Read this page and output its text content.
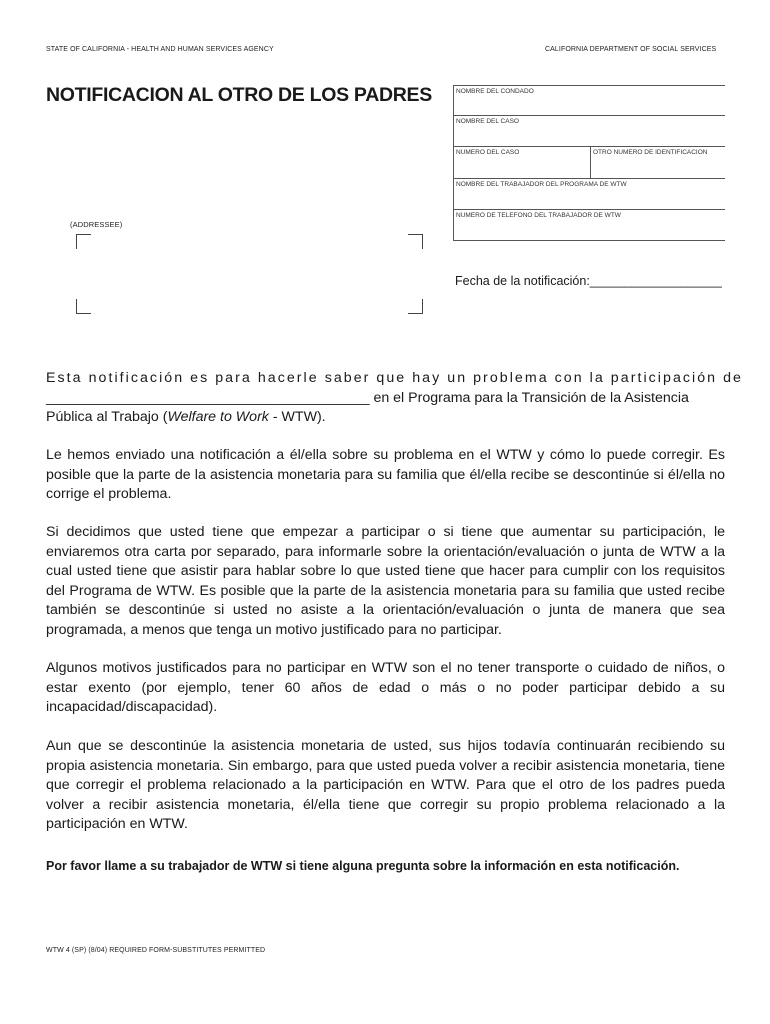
STATE OF CALIFORNIA - HEALTH AND HUMAN SERVICES AGENCY	CALIFORNIA DEPARTMENT OF SOCIAL SERVICES
NOTIFICACION AL OTRO DE LOS PADRES	NOMBRE DEL CONDADO
NOMBRE DEL CASO
NUMERO DEL CASO	OTRO NUMERO DE IDENTIFICACION
NOMBRE DEL TRABAJADOR DEL PROGRAMA DE WTW
NUMERO DE TELEFONO DEL TRABAJADOR DE WTW
(ADDRESSEE)
Fecha de la notificación:___________________
Esta notificación es para hacerle saber que hay un problema con la participación de
_________________________________________ en el Programa para la Transición de la Asistencia
Pública al Trabajo (Welfare to Work - WTW).
Le hemos enviado una notificación a él/ella sobre su problema en el WTW y cómo lo puede corregir. Es posible que la parte de la asistencia monetaria para su familia que él/ella recibe se descontinúe si él/ella no corrige el problema.
Si decidimos que usted tiene que empezar a participar o si tiene que aumentar su participación, le enviaremos otra carta por separado, para informarle sobre la orientación/evaluación o junta de WTW a la cual usted tiene que asistir para hablar sobre lo que usted tiene que hacer para cumplir con los requisitos del Programa de WTW. Es posible que la parte de la asistencia monetaria para su familia que usted recibe también se descontinúe si usted no asiste a la orientación/evaluación o junta de manera que sea programada, a menos que tenga un motivo justificado para no participar.
Algunos motivos justificados para no participar en WTW son el no tener transporte o cuidado de niños, o estar exento (por ejemplo, tener 60 años de edad o más o no poder participar debido a su incapacidad/discapacidad).
Aun que se descontinúe la asistencia monetaria de usted, sus hijos todavía continuarán recibiendo su propia asistencia monetaria. Sin embargo, para que usted pueda volver a recibir asistencia monetaria, tiene que corregir el problema relacionado a la participación en WTW. Para que el otro de los padres pueda volver a recibir asistencia monetaria, él/ella tiene que corregir su propio problema relacionado a la participación en WTW.
Por favor llame a su trabajador de WTW si tiene alguna pregunta sobre la información en esta notificación.
WTW 4 (SP) (8/04) REQUIRED FORM-SUBSTITUTES PERMITTED
